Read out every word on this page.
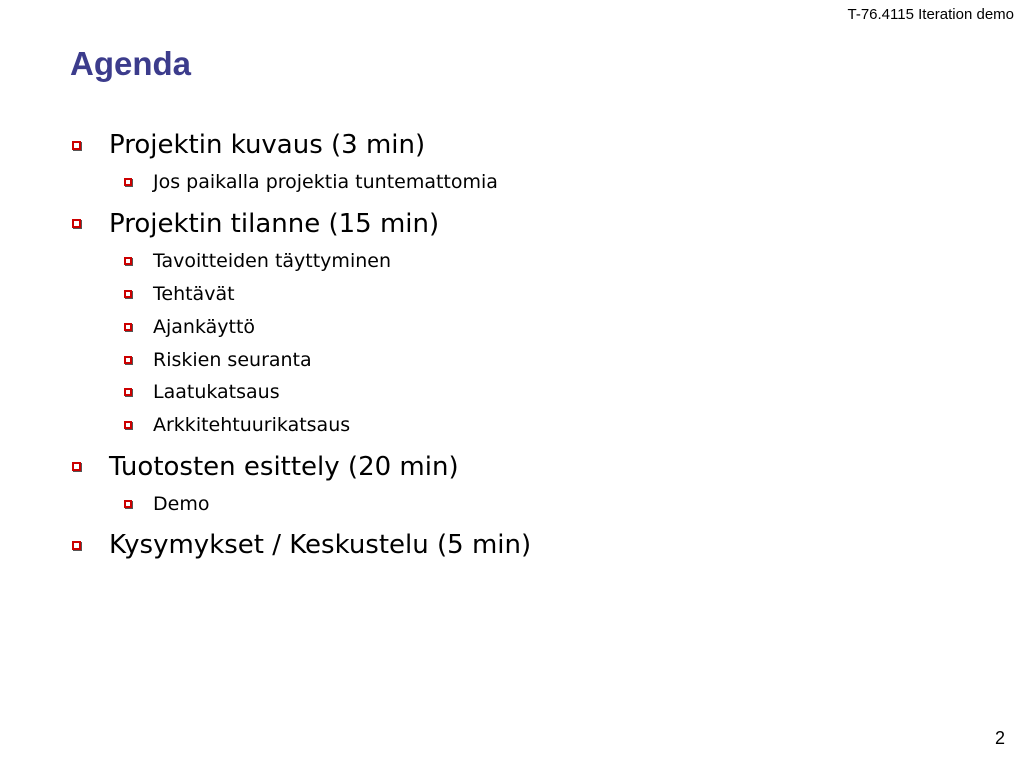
T-76.4115 Iteration demo
Agenda
Projektin kuvaus (3 min)
Jos paikalla projektia tuntemattomia
Projektin tilanne (15 min)
Tavoitteiden täyttyminen
Tehtävät
Ajankäyttö
Riskien seuranta
Laatukatsaus
Arkkitehtuurikatsaus
Tuotosten esittely (20 min)
Demo
Kysymykset / Keskustelu (5 min)
2
